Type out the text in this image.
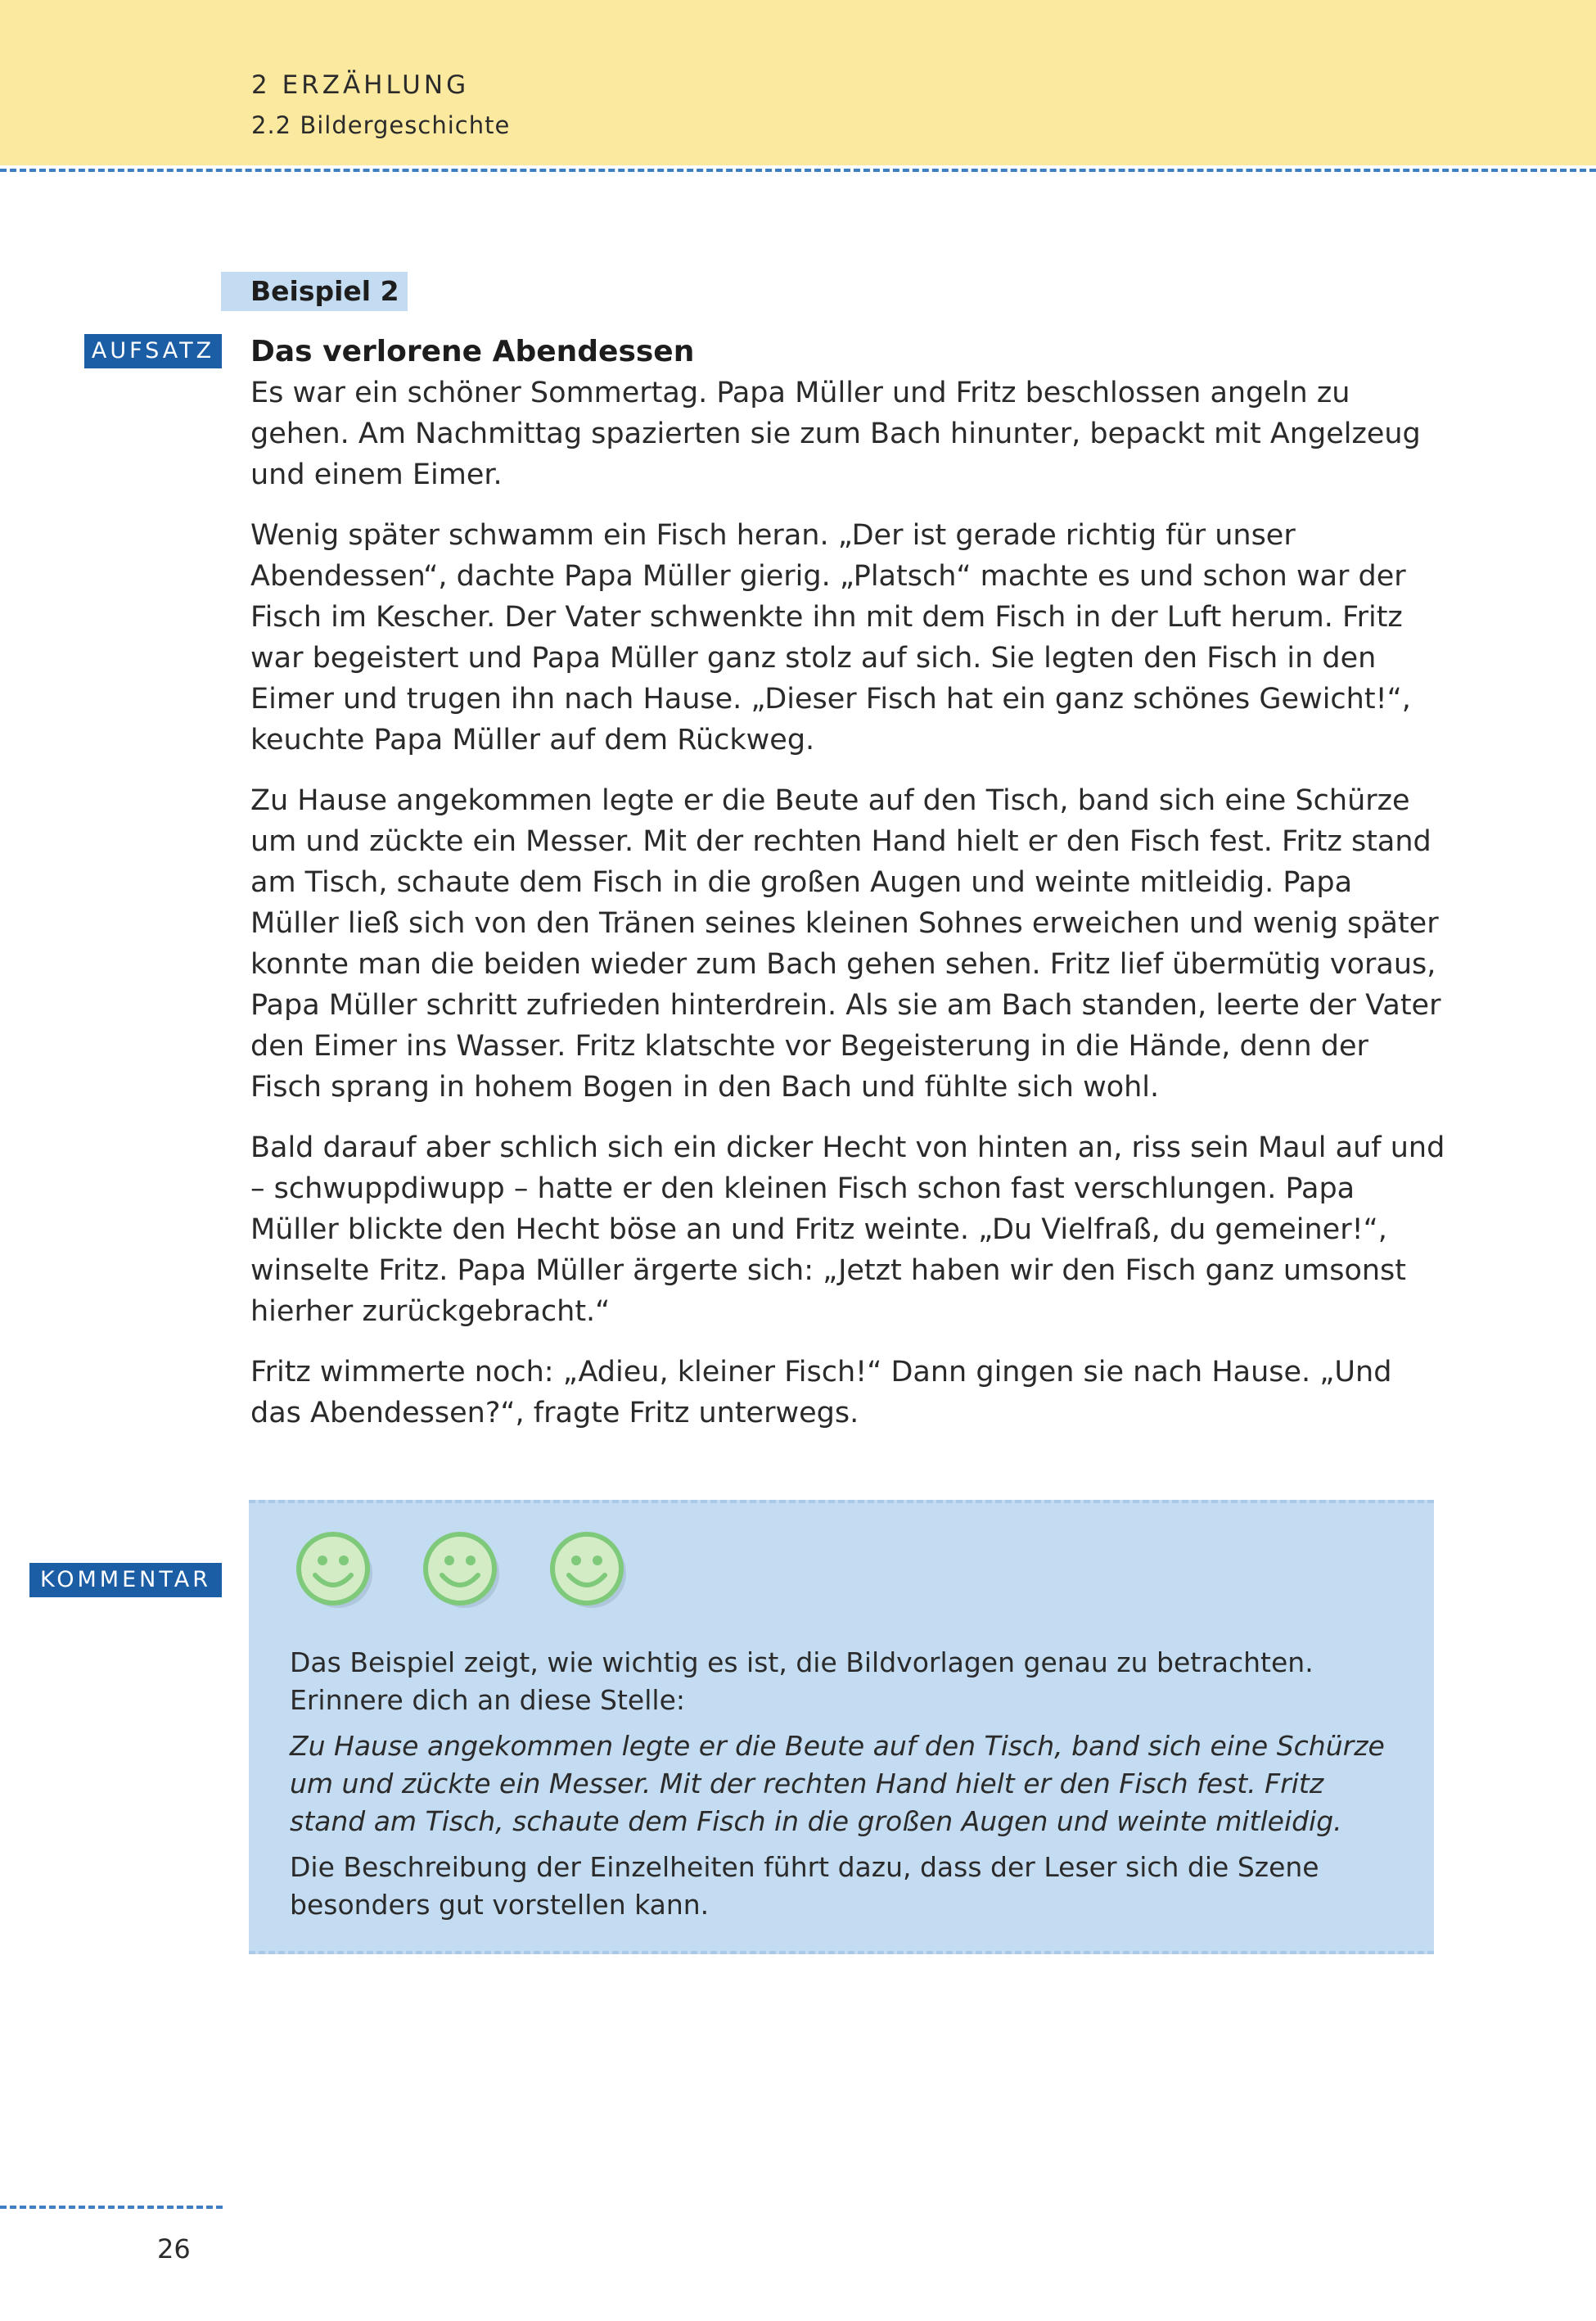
2 ERZÄHLUNG
2.2 Bildergeschichte
Beispiel 2
AUFSATZ Das verlorene Abendessen

Es war ein schöner Sommertag. Papa Müller und Fritz beschlossen angeln zu gehen. Am Nachmittag spazierten sie zum Bach hinunter, bepackt mit Angelzeug und einem Eimer.

Wenig später schwamm ein Fisch heran. „Der ist gerade richtig für unser Abendessen“, dachte Papa Müller gierig. „Platsch“ machte es und schon war der Fisch im Kescher. Der Vater schwenkte ihn mit dem Fisch in der Luft herum. Fritz war begeistert und Papa Müller ganz stolz auf sich. Sie legten den Fisch in den Eimer und trugen ihn nach Hause. „Dieser Fisch hat ein ganz schönes Gewicht!“, keuchte Papa Müller auf dem Rückweg.

Zu Hause angekommen legte er die Beute auf den Tisch, band sich eine Schürze um und zückte ein Messer. Mit der rechten Hand hielt er den Fisch fest. Fritz stand am Tisch, schaute dem Fisch in die großen Augen und weinte mitleidig. Papa Müller ließ sich von den Tränen seines kleinen Sohnes erweichen und wenig später konnte man die beiden wieder zum Bach gehen sehen. Fritz lief übermütig voraus, Papa Müller schritt zufrieden hinterdrein. Als sie am Bach standen, leerte der Vater den Eimer ins Wasser. Fritz klatschte vor Begeisterung in die Hände, denn der Fisch sprang in hohem Bogen in den Bach und fühlte sich wohl.

Bald darauf aber schlich sich ein dicker Hecht von hinten an, riss sein Maul auf und – schwuppdiwupp – hatte er den kleinen Fisch schon fast verschlungen. Papa Müller blickte den Hecht böse an und Fritz weinte. „Du Vielfraß, du gemeiner!“, winselte Fritz. Papa Müller ärgerte sich: „Jetzt haben wir den Fisch ganz umsonst hierher zurückgebracht.“

Fritz wimmerte noch: „Adieu, kleiner Fisch!“ Dann gingen sie nach Hause. „Und das Abendessen?“, fragte Fritz unterwegs.

KOMMENTAR

Das Beispiel zeigt, wie wichtig es ist, die Bildvorlagen genau zu betrachten. Erinnere dich an diese Stelle:

Zu Hause angekommen legte er die Beute auf den Tisch, band sich eine Schürze um und zückte ein Messer. Mit der rechten Hand hielt er den Fisch fest. Fritz stand am Tisch, schaute dem Fisch in die großen Augen und weinte mitleidig.

Die Beschreibung der Einzelheiten führt dazu, dass der Leser sich die Szene besonders gut vorstellen kann.

26
